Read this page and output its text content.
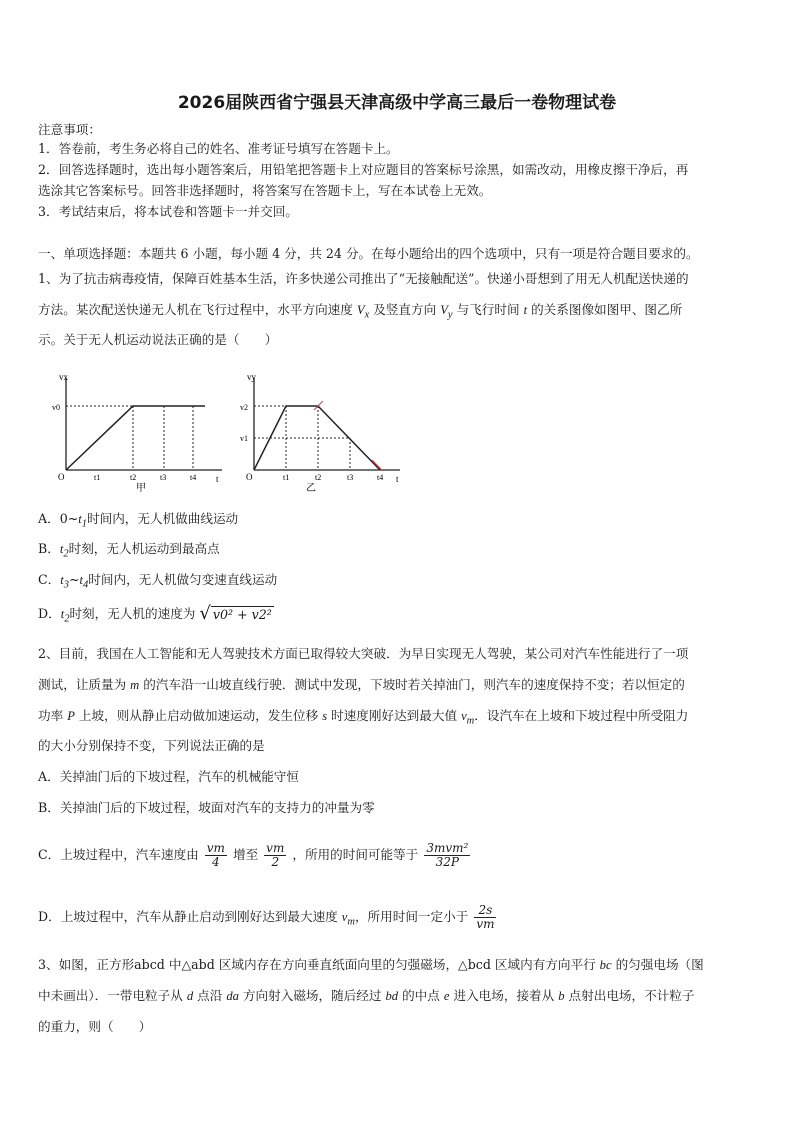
2026届陕西省宁强县天津高级中学高三最后一卷物理试卷
注意事项：
1．答卷前，考生务必将自己的姓名、准考证号填写在答题卡上。
2．回答选择题时，选出每小题答案后，用铅笔把答题卡上对应题目的答案标号涂黑，如需改动，用橡皮擦干净后，再
选涂其它答案标号。回答非选择题时，将答案写在答题卡上，写在本试卷上无效。
3．考试结束后，将本试卷和答题卡一并交回。
一、单项选择题：本题共 6 小题，每小题 4 分，共 24 分。在每小题给出的四个选项中，只有一项是符合题目要求的。
1、为了抗击病毒疫情，保障百姓基本生活，许多快递公司推出了“无接触配送”。快递小哥想到了用无人机配送快递的
方法。某次配送快递无人机在飞行过程中，水平方向速度 $V_x$ 及竖直方向 $V_y$ 与飞行时间 t 的关系图像如图甲、图乙所
示。关于无人机运动说法正确的是（　　）
vx
v0
O	t1	t2	t3	t4 t
甲
vy
v2
v1
O	t1	t2	t3	t4 t
乙
A．$0\sim t_1$时间内，无人机做曲线运动
B．$t_2$时刻，无人机运动到最高点
C．$t_3\sim t_4$时间内，无人机做匀变速直线运动
D．$t_2$时刻，无人机的速度为 √ v0² + v2²
2、目前，我国在人工智能和无人驾驶技术方面已取得较大突破．为早日实现无人驾驶，某公司对汽车性能进行了一项
测试，让质量为 m 的汽车沿一山坡直线行驶．测试中发现，下坡时若关掉油门，则汽车的速度保持不变；若以恒定的
功率 P 上坡，则从静止启动做加速运动，发生位移 s 时速度刚好达到最大值 $v_m$．设汽车在上坡和下坡过程中所受阻力
的大小分别保持不变，下列说法正确的是
A．关掉油门后的下坡过程，汽车的机械能守恒
B．关掉油门后的下坡过程，坡面对汽车的支持力的冲量为零
C．上坡过程中，汽车速度由 $\frac{vm}{4}$ 增至 $\frac{vm}{2}$ ，所用的时间可能等于 $\frac{\text{3mvm²}}{32P}$
D．上坡过程中，汽车从静止启动到刚好达到最大速度 $v_m$，所用时间一定小于 $\frac{2s}{vm}$
3、如图，正方形abcd 中△abd 区域内存在方向垂直纸面向里的匀强磁场，△bcd 区域内有方向平行 bc 的匀强电场（图
中未画出）．一带电粒子从 d 点沿 da 方向射入磁场，随后经过 bd 的中点 e 进入电场，接着从 b 点射出电场，不计粒子
的重力，则（　　）
